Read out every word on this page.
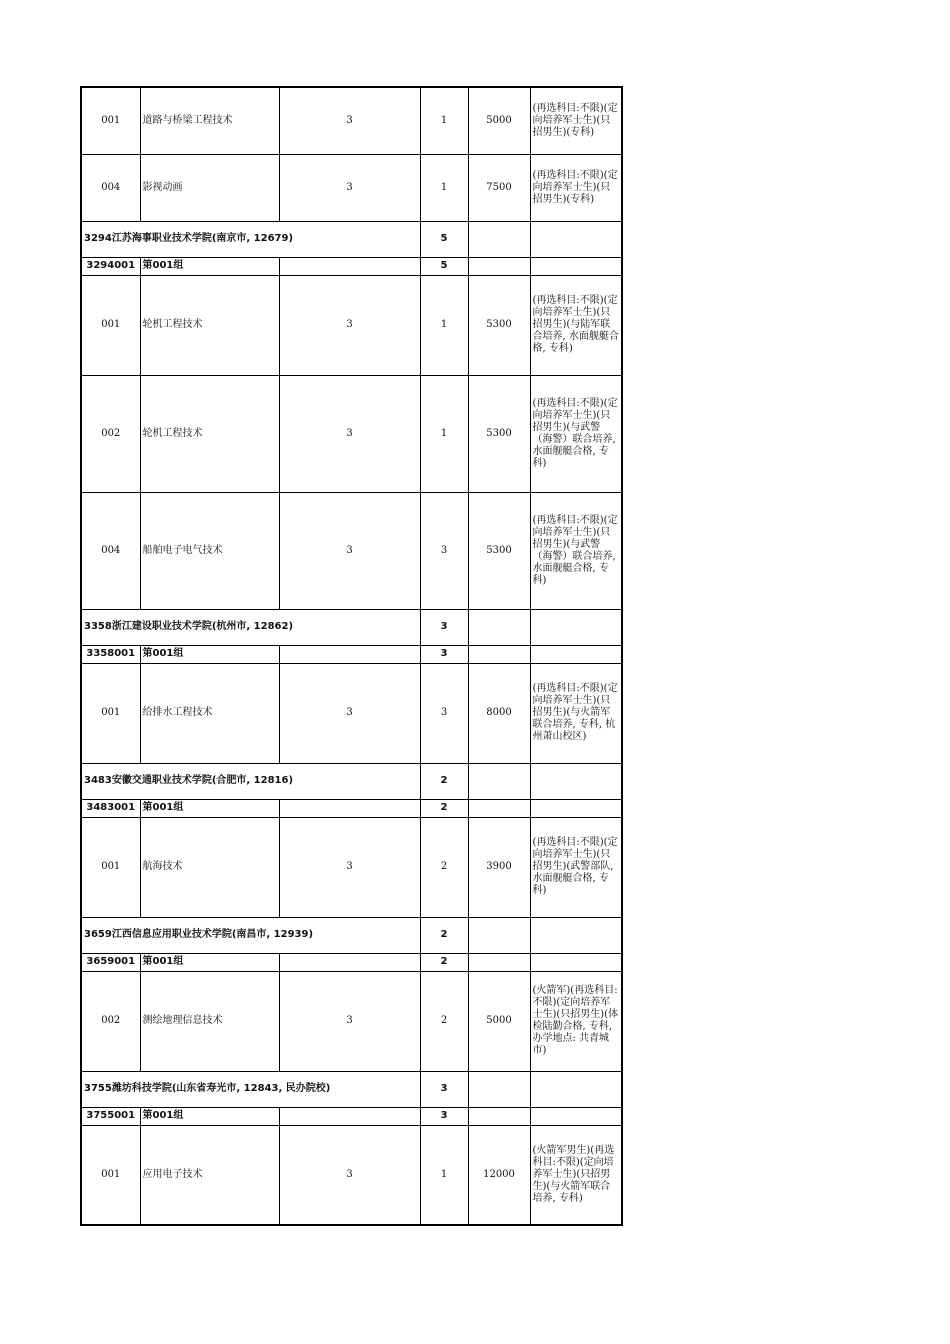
001	道路与桥梁工程技术	3	1	5000	(再选科目:不限)(定向培养军士生)(只招男生)(专科)
004	影视动画	3	1	7500	(再选科目:不限)(定向培养军士生)(只招男生)(专科)
3294江苏海事职业技术学院(南京市, 12679)			5		
3294001	第001组		5		
001	轮机工程技术	3	1	5300	(再选科目:不限)(定向培养军士生)(只招男生)(与陆军联合培养, 水面舰艇合格, 专科)
002	轮机工程技术	3	1	5300	(再选科目:不限)(定向培养军士生)(只招男生)(与武警（海警）联合培养, 水面舰艇合格, 专科)
004	船舶电子电气技术	3	3	5300	(再选科目:不限)(定向培养军士生)(只招男生)(与武警（海警）联合培养, 水面舰艇合格, 专科)
3358浙江建设职业技术学院(杭州市, 12862)			3		
3358001	第001组		3		
001	给排水工程技术	3	3	8000	(再选科目:不限)(定向培养军士生)(只招男生)(与火箭军联合培养, 专科, 杭州萧山校区)
3483安徽交通职业技术学院(合肥市, 12816)			2		
3483001	第001组		2		
001	航海技术	3	2	3900	(再选科目:不限)(定向培养军士生)(只招男生)(武警部队, 水面舰艇合格, 专科)
3659江西信息应用职业技术学院(南昌市, 12939)			2		
3659001	第001组		2		
002	测绘地理信息技术	3	2	5000	(火箭军)(再选科目:不限)(定向培养军士生)(只招男生)(体检陆勤合格, 专科, 办学地点: 共青城市)
3755潍坊科技学院(山东省寿光市, 12843, 民办院校)			3		
3755001	第001组		3		
001	应用电子技术	3	1	12000	(火箭军男生)(再选科目:不限)(定向培养军士生)(只招男生)(与火箭军联合培养, 专科)
